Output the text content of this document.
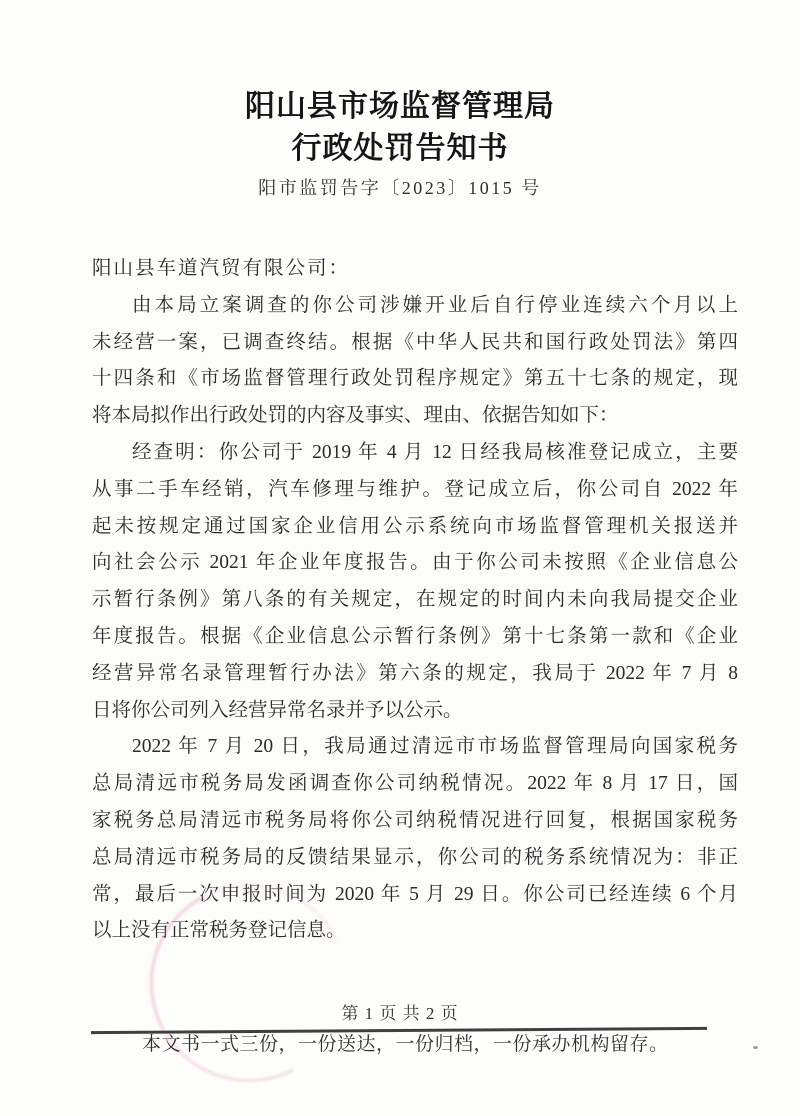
阳山县市场监督管理局
行政处罚告知书
阳市监罚告字〔2023〕1015 号
阳山县车道汽贸有限公司：
由本局立案调查的你公司涉嫌开业后自行停业连续六个月以上
未经营一案，已调查终结。根据《中华人民共和国行政处罚法》第四
十四条和《市场监督管理行政处罚程序规定》第五十七条的规定，现
将本局拟作出行政处罚的内容及事实、理由、依据告知如下：
经查明：你公司于 2019 年 4 月 12 日经我局核准登记成立，主要
从事二手车经销，汽车修理与维护。登记成立后，你公司自 2022 年
起未按规定通过国家企业信用公示系统向市场监督管理机关报送并
向社会公示 2021 年企业年度报告。由于你公司未按照《企业信息公
示暂行条例》第八条的有关规定，在规定的时间内未向我局提交企业
年度报告。根据《企业信息公示暂行条例》第十七条第一款和《企业
经营异常名录管理暂行办法》第六条的规定，我局于 2022 年 7 月 8
日将你公司列入经营异常名录并予以公示。
2022 年 7 月 20 日，我局通过清远市市场监督管理局向国家税务
总局清远市税务局发函调查你公司纳税情况。2022 年 8 月 17 日，国
家税务总局清远市税务局将你公司纳税情况进行回复，根据国家税务
总局清远市税务局的反馈结果显示，你公司的税务系统情况为：非正
常，最后一次申报时间为 2020 年 5 月 29 日。你公司已经连续 6 个月
以上没有正常税务登记信息。
第 1 页 共 2 页
本文书一式三份，一份送达，一份归档，一份承办机构留存。
